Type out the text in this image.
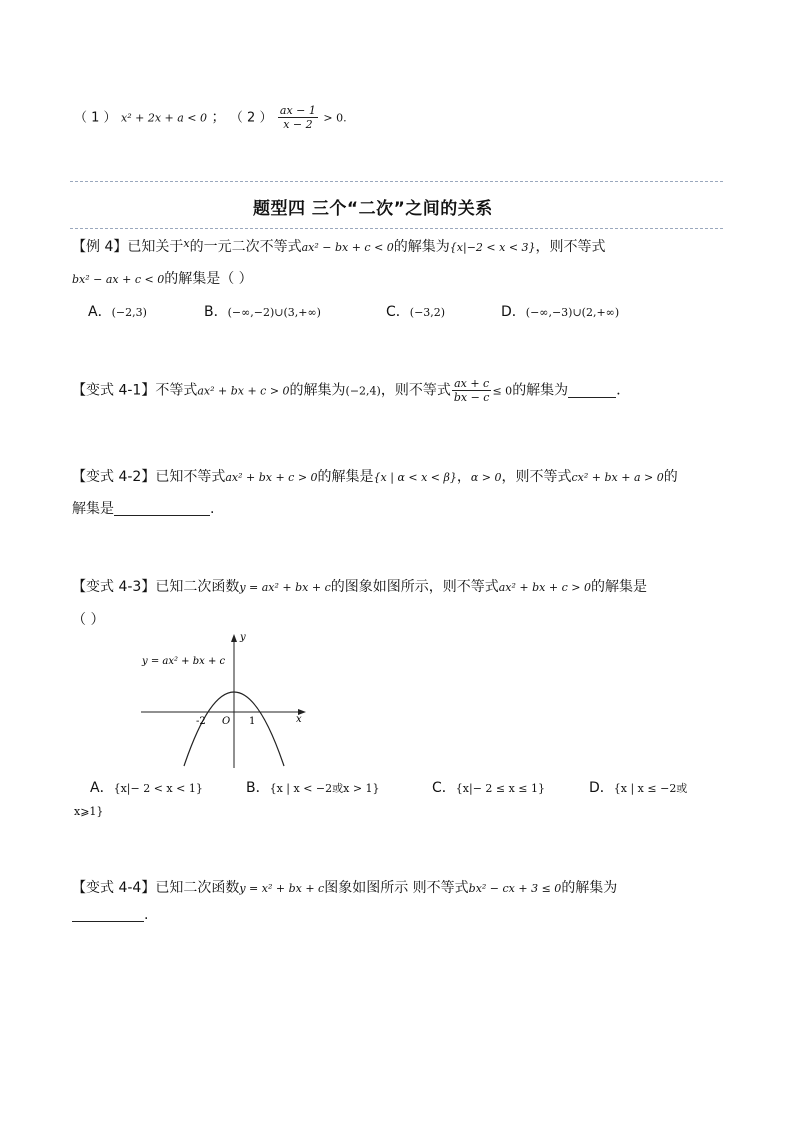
（ 1 ） x² + 2x + a < 0 ； （ 2 ） $\frac{ax - 1}{x - 2} > 0$.
题型四 三个“二次”之间的关系
【例 4】已知关于$^x$的一元二次不等式ax² − bx + c < 0的解集为{x|−2 < x < 3}，则不等式
bx² − ax + c < 0的解集是（ ）
A．(−2,3)	B．(−∞,−2)∪(3,+∞)	C．(−3,2)	D．(−∞,−3)∪(2,+∞)
【变式 4-1】不等式ax² + bx + c > 0的解集为(−2,4)，则不等式 $\frac{ax + c}{bx - c} \le 0$的解集为	．
【变式 4-2】已知不等式ax² + bx + c > 0的解集是{x | α < x < β}，α > 0，则不等式cx² + bx + a > 0的
解集是	.
【变式 4-3】已知二次函数y = ax² + bx + c的图象如图所示，则不等式ax² + bx + c > 0的解集是
（ ）
y
x
O
-2	1
y = ax² + bx + c
A．{x|− 2 < x < 1}	B．{x | x < −2或x > 1}	C．{x|− 2 ≤ x ≤ 1}	D．{x | x ≤ −2或
x⩾1}
【变式 4-4】已知二次函数y = x² + bx + c图象如图所示 则不等式bx² − cx + 3 ≤ 0的解集为
.
